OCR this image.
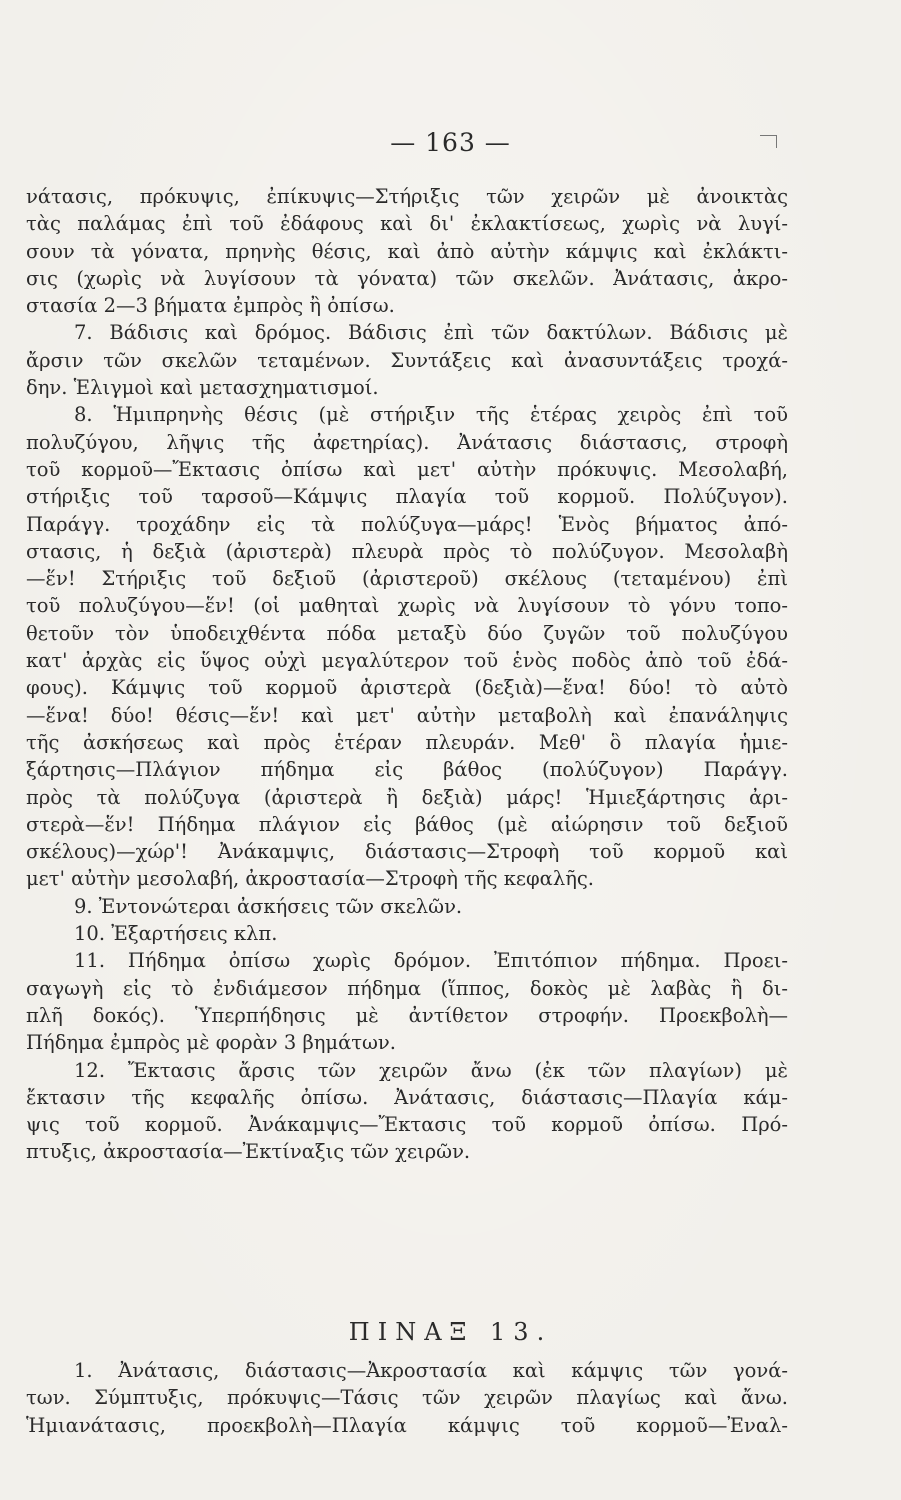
— 163 —
νάτασις, πρόκυψις, ἐπίκυψις—Στήριξις τῶν χειρῶν μὲ ἀνοικτὰς
τὰς παλάμας ἐπὶ τοῦ ἐδάφους καὶ δι' ἐκλακτίσεως, χωρὶς νὰ λυγί-
σουν τὰ γόνατα, πρηνὴς θέσις, καὶ ἀπὸ αὐτὴν κάμψις καὶ ἐκλάκτι-
σις (χωρὶς νὰ λυγίσουν τὰ γόνατα) τῶν σκελῶν. Ἀνάτασις, ἀκρο-
στασία 2—3 βήματα ἐμπρὸς ἢ ὀπίσω.
7. Βάδισις καὶ δρόμος. Βάδισις ἐπὶ τῶν δακτύλων. Βάδισις μὲ
ἄρσιν τῶν σκελῶν τεταμένων. Συντάξεις καὶ ἀνασυντάξεις τροχά-
δην. Ἑλιγμοὶ καὶ μετασχηματισμοί.
8. Ἡμιπρηνὴς θέσις (μὲ στήριξιν τῆς ἑτέρας χειρὸς ἐπὶ τοῦ
πολυζύγου, λῆψις τῆς ἀφετηρίας). Ἀνάτασις διάστασις, στροφὴ
τοῦ κορμοῦ—Ἔκτασις ὀπίσω καὶ μετ' αὐτὴν πρόκυψις. Μεσολαβή,
στήριξις τοῦ ταρσοῦ—Κάμψις πλαγία τοῦ κορμοῦ. Πολύζυγον).
Παράγγ. τροχάδην εἰς τὰ πολύζυγα—μάρς! Ἑνὸς βήματος ἀπό-
στασις, ἡ δεξιὰ (ἀριστερὰ) πλευρὰ πρὸς τὸ πολύζυγον. Μεσολαβὴ
—ἕν! Στήριξις τοῦ δεξιοῦ (ἀριστεροῦ) σκέλους (τεταμένου) ἐπὶ
τοῦ πολυζύγου—ἕν! (οἱ μαθηταὶ χωρὶς νὰ λυγίσουν τὸ γόνυ τοπο-
θετοῦν τὸν ὑποδειχθέντα πόδα μεταξὺ δύο ζυγῶν τοῦ πολυζύγου
κατ' ἀρχὰς εἰς ὕψος οὐχὶ μεγαλύτερον τοῦ ἑνὸς ποδὸς ἀπὸ τοῦ ἐδά-
φους). Κάμψις τοῦ κορμοῦ ἀριστερὰ (δεξιὰ)—ἕνα! δύο! τὸ αὐτὸ
—ἕνα! δύο! θέσις—ἕν! καὶ μετ' αὐτὴν μεταβολὴ καὶ ἐπανάληψις
τῆς ἀσκήσεως καὶ πρὸς ἑτέραν πλευράν. Μεθ' ὃ πλαγία ἡμιε-
ξάρτησις—Πλάγιον πήδημα εἰς βάθος (πολύζυγον) Παράγγ.
πρὸς τὰ πολύζυγα (ἀριστερὰ ἢ δεξιὰ) μάρς! Ἡμιεξάρτησις ἀρι-
στερὰ—ἕν! Πήδημα πλάγιον εἰς βάθος (μὲ αἰώρησιν τοῦ δεξιοῦ
σκέλους)—χώρ'! Ἀνάκαμψις, διάστασις—Στροφὴ τοῦ κορμοῦ καὶ
μετ' αὐτὴν μεσολαβή, ἀκροστασία—Στροφὴ τῆς κεφαλῆς.
9. Ἐντονώτεραι ἀσκήσεις τῶν σκελῶν.
10. Ἐξαρτήσεις κλπ.
11. Πήδημα ὀπίσω χωρὶς δρόμον. Ἐπιτόπιον πήδημα. Προει-
σαγωγὴ εἰς τὸ ἐνδιάμεσον πήδημα (ἵππος, δοκὸς μὲ λαβὰς ἢ δι-
πλῆ δοκός). Ὑπερπήδησις μὲ ἀντίθετον στροφήν. Προεκβολὴ—
Πήδημα ἐμπρὸς μὲ φορὰν 3 βημάτων.
12. Ἔκτασις ἄρσις τῶν χειρῶν ἄνω (ἐκ τῶν πλαγίων) μὲ
ἔκτασιν τῆς κεφαλῆς ὀπίσω. Ἀνάτασις, διάστασις—Πλαγία κάμ-
ψις τοῦ κορμοῦ. Ἀνάκαμψις—Ἔκτασις τοῦ κορμοῦ ὀπίσω. Πρό-
πτυξις, ἀκροστασία—Ἐκτίναξις τῶν χειρῶν.
ΠΙΝΑΞ 13.
1. Ἀνάτασις, διάστασις—Ἀκροστασία καὶ κάμψις τῶν γονά-
των. Σύμπτυξις, πρόκυψις—Τάσις τῶν χειρῶν πλαγίως καὶ ἄνω.
Ἡμιανάτασις, προεκβολὴ—Πλαγία κάμψις τοῦ κορμοῦ—Ἐναλ-
